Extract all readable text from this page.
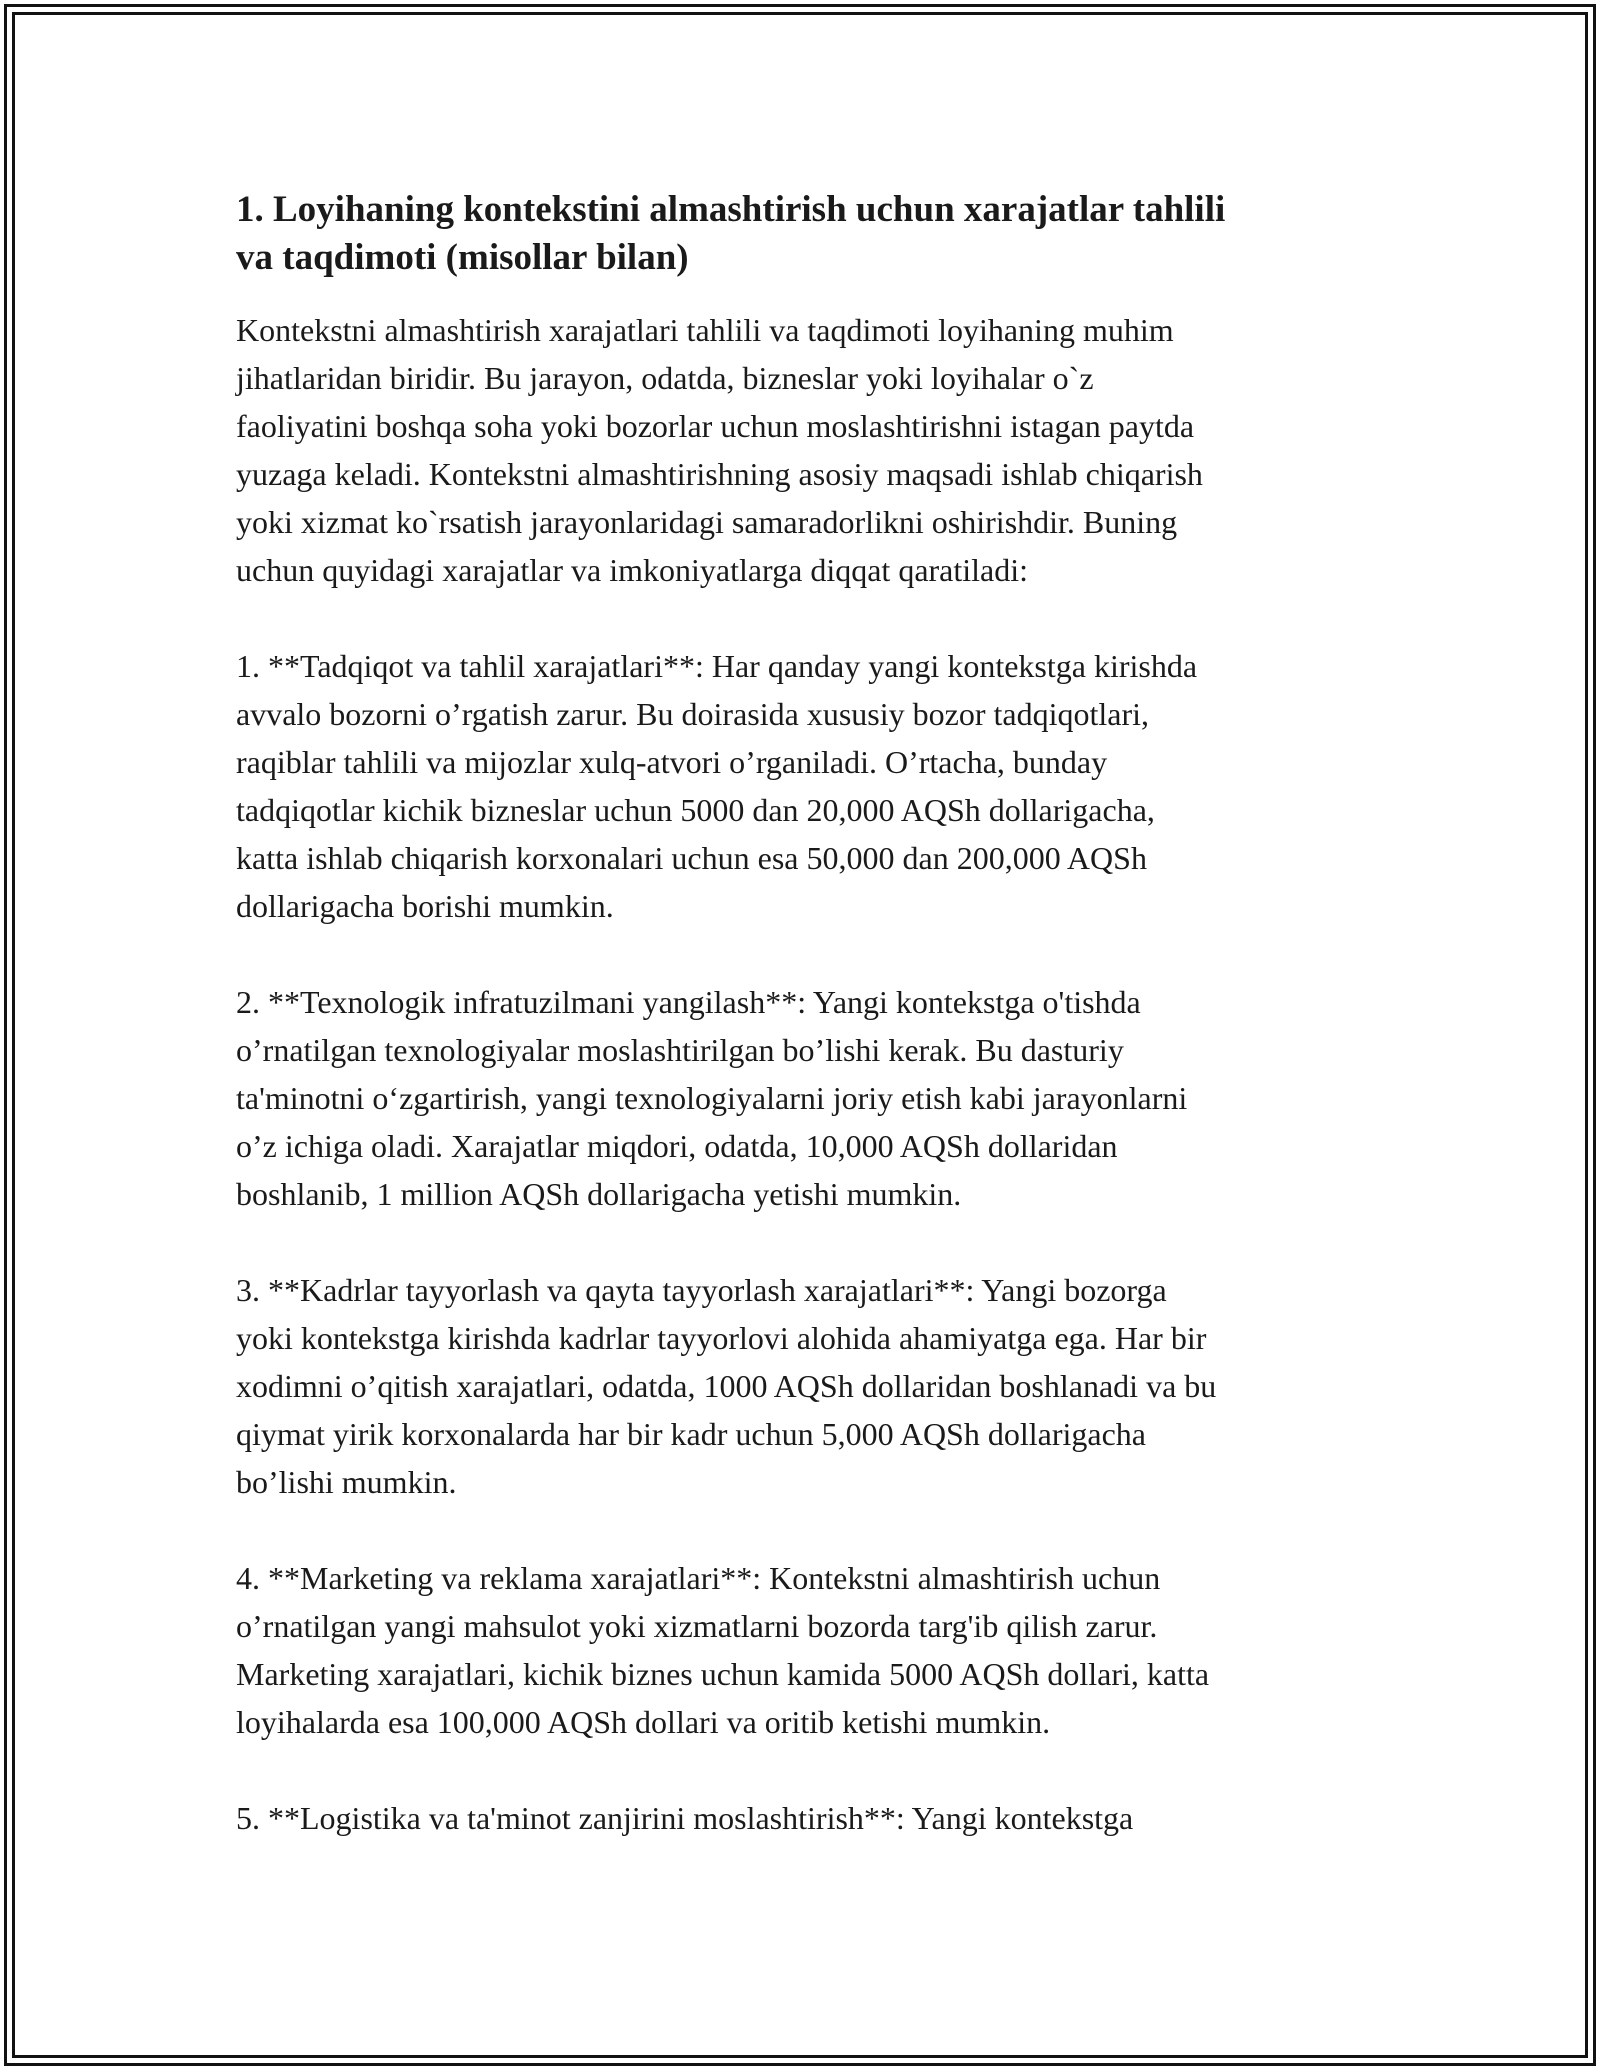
1. Loyihaning kontekstini almashtirish uchun xarajatlar tahlili
va taqdimoti (misollar bilan)
Kontekstni almashtirish xarajatlari tahlili va taqdimoti loyihaning muhim
jihatlaridan biridir. Bu jarayon, odatda, bizneslar yoki loyihalar o`z
faoliyatini boshqa soha yoki bozorlar uchun moslashtirishni istagan paytda
yuzaga keladi. Kontekstni almashtirishning asosiy maqsadi ishlab chiqarish
yoki xizmat ko`rsatish jarayonlaridagi samaradorlikni oshirishdir. Buning
uchun quyidagi xarajatlar va imkoniyatlarga diqqat qaratiladi:
1. **Tadqiqot va tahlil xarajatlari**: Har qanday yangi kontekstga kirishda
avvalo bozorni o’rgatish zarur. Bu doirasida xususiy bozor tadqiqotlari,
raqiblar tahlili va mijozlar xulq-atvori o’rganiladi. O’rtacha, bunday
tadqiqotlar kichik bizneslar uchun 5000 dan 20,000 AQSh dollarigacha,
katta ishlab chiqarish korxonalari uchun esa 50,000 dan 200,000 AQSh
dollarigacha borishi mumkin.
2. **Texnologik infratuzilmani yangilash**: Yangi kontekstga o'tishda
o’rnatilgan texnologiyalar moslashtirilgan bo’lishi kerak. Bu dasturiy
ta'minotni o‘zgartirish, yangi texnologiyalarni joriy etish kabi jarayonlarni
o’z ichiga oladi. Xarajatlar miqdori, odatda, 10,000 AQSh dollaridan
boshlanib, 1 million AQSh dollarigacha yetishi mumkin.
3. **Kadrlar tayyorlash va qayta tayyorlash xarajatlari**: Yangi bozorga
yoki kontekstga kirishda kadrlar tayyorlovi alohida ahamiyatga ega. Har bir
xodimni o’qitish xarajatlari, odatda, 1000 AQSh dollaridan boshlanadi va bu
qiymat yirik korxonalarda har bir kadr uchun 5,000 AQSh dollarigacha
bo’lishi mumkin.
4. **Marketing va reklama xarajatlari**: Kontekstni almashtirish uchun
o’rnatilgan yangi mahsulot yoki xizmatlarni bozorda targ'ib qilish zarur.
Marketing xarajatlari, kichik biznes uchun kamida 5000 AQSh dollari, katta
loyihalarda esa 100,000 AQSh dollari va oritib ketishi mumkin.
5. **Logistika va ta'minot zanjirini moslashtirish**: Yangi kontekstga
